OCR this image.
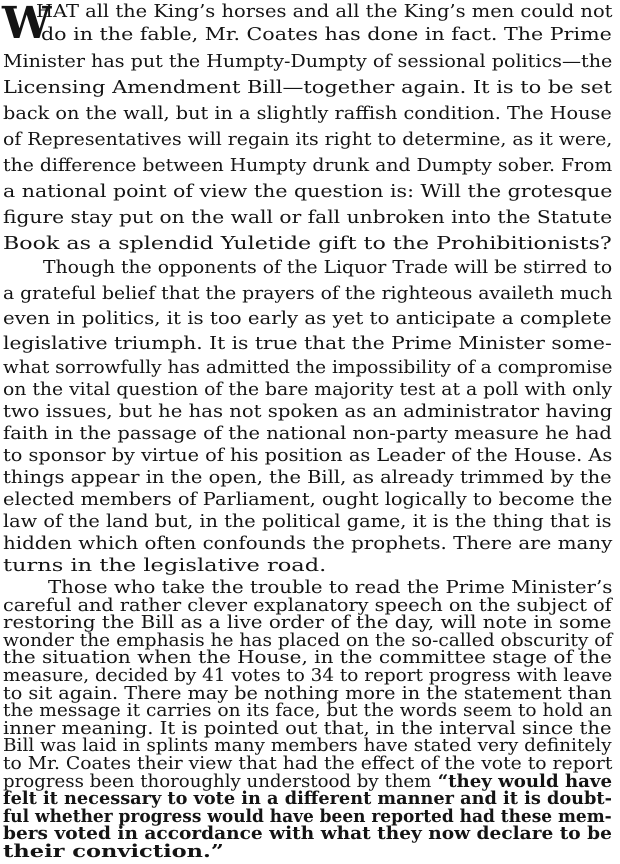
W
HAT all the King’s horses and all the King’s men could not
do in the fable, Mr. Coates has done in fact. The Prime
Minister has put the Humpty-Dumpty of sessional politics—the
Licensing Amendment Bill—together again. It is to be set
back on the wall, but in a slightly raffish condition. The House
of Representatives will regain its right to determine, as it were,
the difference between Humpty drunk and Dumpty sober. From
a national point of view the question is: Will the grotesque
figure stay put on the wall or fall unbroken into the Statute
Book as a splendid Yuletide gift to the Prohibitionists?
Though the opponents of the Liquor Trade will be stirred to
a grateful belief that the prayers of the righteous availeth much
even in politics, it is too early as yet to anticipate a complete
legislative triumph. It is true that the Prime Minister some-
what sorrowfully has admitted the impossibility of a compromise
on the vital question of the bare majority test at a poll with only
two issues, but he has not spoken as an administrator having
faith in the passage of the national non-party measure he had
to sponsor by virtue of his position as Leader of the House. As
things appear in the open, the Bill, as already trimmed by the
elected members of Parliament, ought logically to become the
law of the land but, in the political game, it is the thing that is
hidden which often confounds the prophets. There are many
turns in the legislative road.
Those who take the trouble to read the Prime Minister’s
careful and rather clever explanatory speech on the subject of
restoring the Bill as a live order of the day, will note in some
wonder the emphasis he has placed on the so-called obscurity of
the situation when the House, in the committee stage of the
measure, decided by 41 votes to 34 to report progress with leave
to sit again. There may be nothing more in the statement than
the message it carries on its face, but the words seem to hold an
inner meaning. It is pointed out that, in the interval since the
Bill was laid in splints many members have stated very definitely
to Mr. Coates their view that had the effect of the vote to report
progress been thoroughly understood by them “they would have
felt it necessary to vote in a different manner and it is doubt-
ful whether progress would have been reported had these mem-
bers voted in accordance with what they now declare to be
their conviction.”
